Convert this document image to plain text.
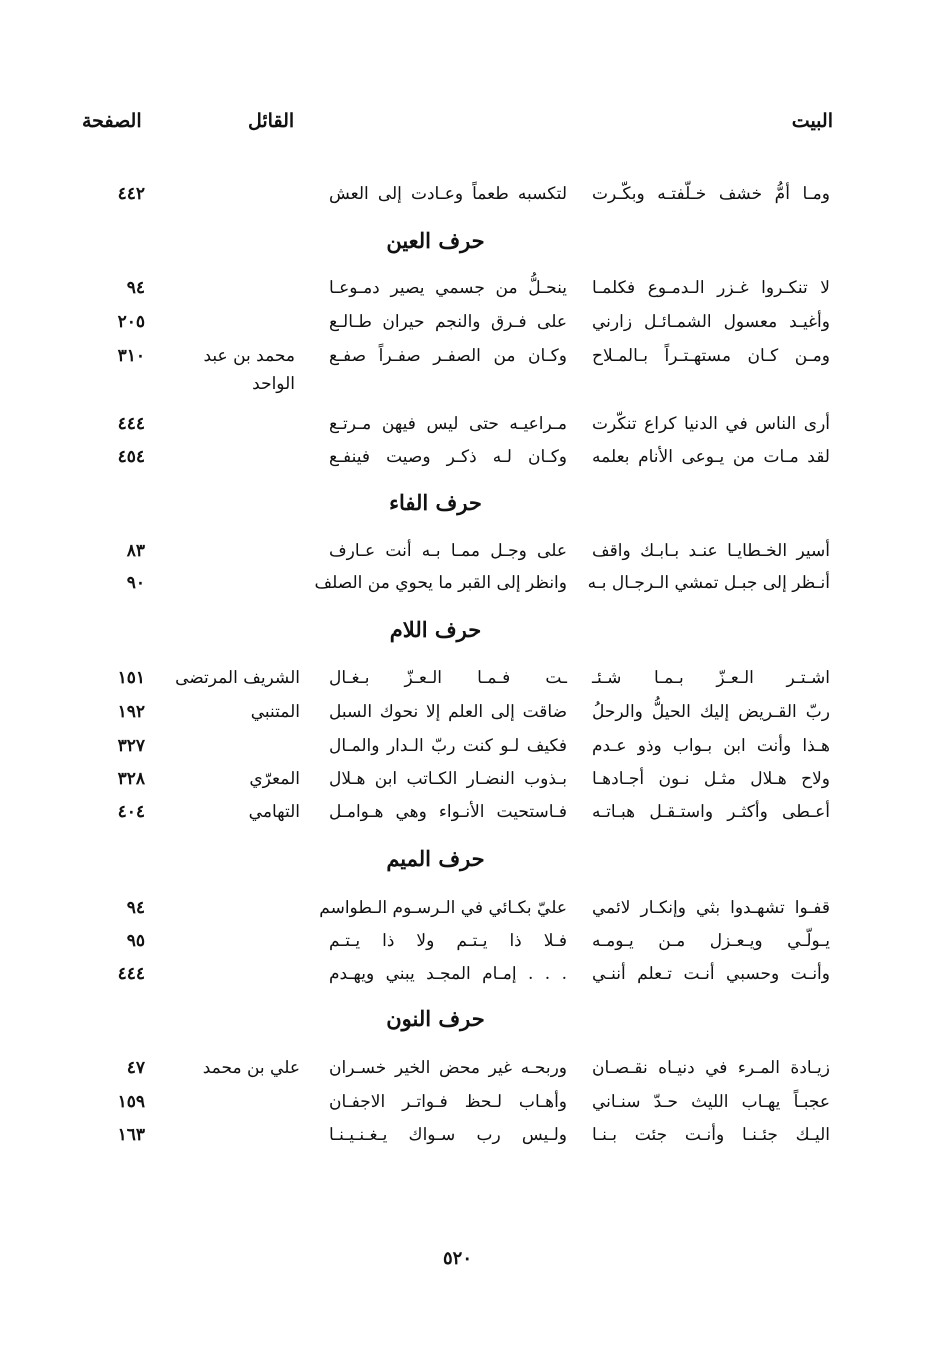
البيت
القائل
الصفحة
ومـا أمُّ خشف خـلّفتـه وبكّـرت
لتكسبه طعماً وعـادت إلى العش
٤٤٢
حرف العين
لا تنكـروا غـزر الـدمـوع فكلمـا
ينحـلُّ من جسمي يصير دمـوعـا
٩٤
وأغيـد معسول الشمـائـل زارني
على فـرق والنجم حيران طـالـع
٢٠٥
ومـن كـان مستهـتـراً بـالمـلاح
وكـان من الصفـر صفـراً صفـع
محمد بن عبد الواحد
٣١٠
أرى الناس في الدنيا كراع تنكّرت
مـراعيـه حتى ليس فيهن مـرتـع
٤٤٤
لقد مـات من يـوعى الأنام بعلمه
وكـان لـه ذكـر وصيت فينفـع
٤٥٤
حرف الفاء
أسير الخـطايـا عنـد بـابـك واقف
على وجـل ممـا بـه أنت عـارف
٨٣
أنـظر إلى جبـل تمشي الـرجـال بـه
وانظر إلى القبر ما يحوي من الصلف
٩٠
حرف اللام
اشـتـر الـعـزّ بـمـا شـئـ
ـت فـمـا الـعـزّ بـغـال
الشريف المرتضى
١٥١
ربّ القـريض إليك الحيلُّ والرحلُ
ضاقت إلى العلم إلا نحوك السبل
المتنبي
١٩٢
هـذا وأنت ابن بـواب وذو عـدم
فكيف لـو كنت ربّ الـدار والمـال
٣٢٧
ولاح هـلال مثـل نـون أجـادهـا
بـذوب النضـار الكـاتب ابن هـلال
المعرّي
٣٢٨
أعـطى وأكثـر واستـقـل هبـاتـه
فـاستحيت الأنـواء وهي هـوامـل
التهامي
٤٠٤
حرف الميم
قفـوا تشهـدوا بثي وإنكـار لائمي
عليّ بكـائي في الـرسـوم الـطواسم
٩٤
يـولّـي ويـعـزل مـن يـومـه
فـلا ذا يـتـم ولا ذا يـتـم
٩٥
وأنـت وحسبي أنـت تـعلم أننـي
. . . إمـام المجـد يبني ويهـدم
٤٤٤
حرف النون
زيـادة المـرء في دنيـاه نقـصـان
وربحـه غير محض الخير خسـران
علي بن محمد
٤٧
عجبـاً يهـاب الليث حـدّ سنـاني
وأهـاب لـحظ فـواتـر الاجفـان
١٥٩
اليـك جئـنـا وأنـت جئت بـنـا
ولـيس رب سـواك يـغـنـيـنـا
١٦٣
٥٢٠
